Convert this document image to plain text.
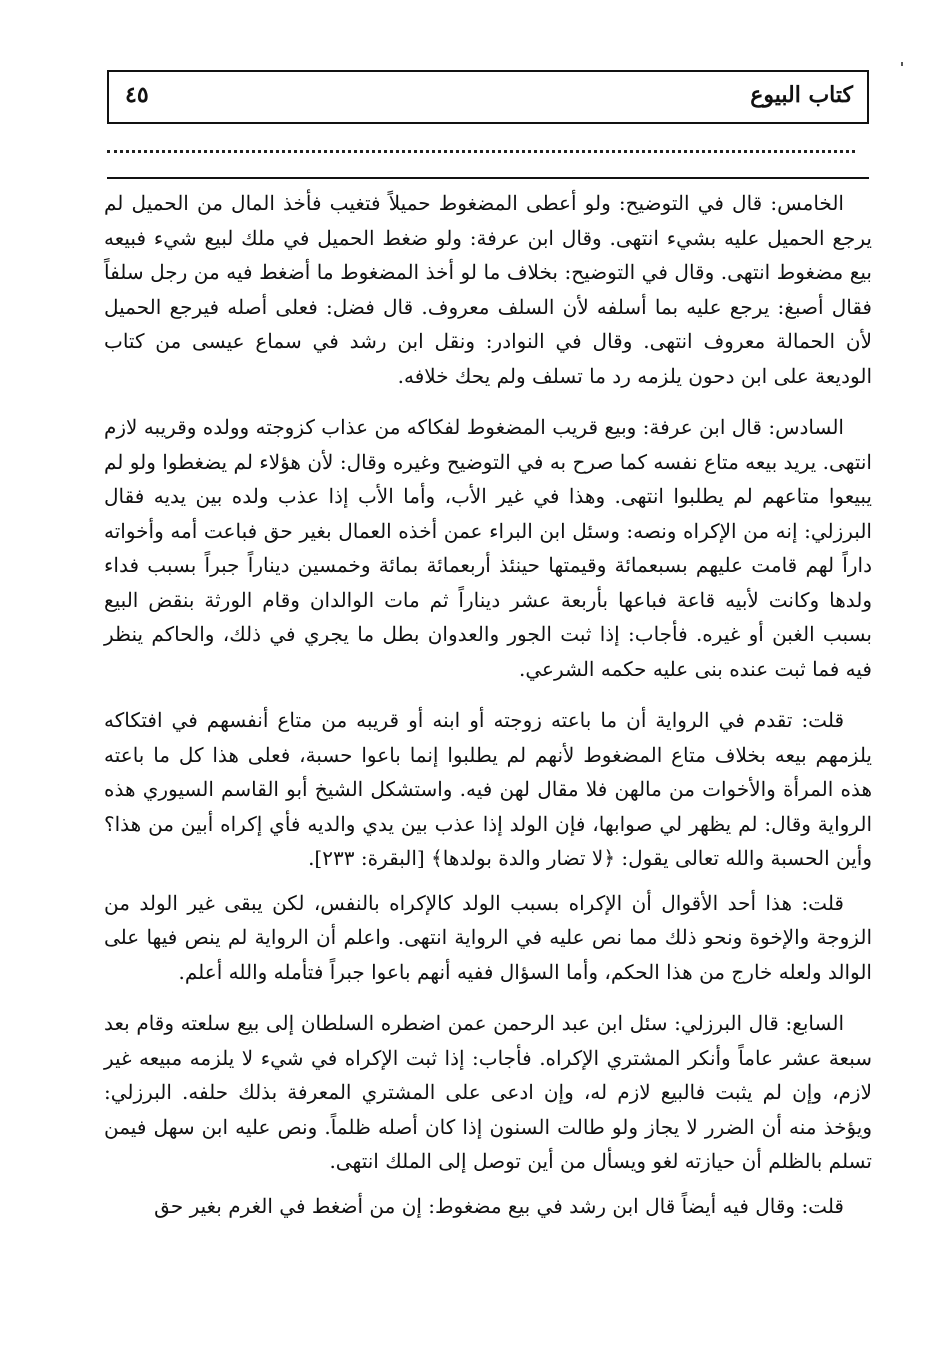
كتاب البيوع
٤٥

الخامس: قال في التوضيح: ولو أعطى المضغوط حميلاً فتغيب فأخذ المال من الحميل لم يرجع الحميل عليه بشيء انتهى. وقال ابن عرفة: ولو ضغط الحميل في ملك لبيع شيء فبيعه بيع مضغوط انتهى. وقال في التوضيح: بخلاف ما لو أخذ المضغوط ما أضغط فيه من رجل سلفاً فقال أصبغ: يرجع عليه بما أسلفه لأن السلف معروف. قال فضل: فعلى أصله فيرجع الحميل لأن الحمالة معروف انتهى. وقال في النوادر: ونقل ابن رشد في سماع عيسى من كتاب الوديعة على ابن دحون يلزمه رد ما تسلف ولم يحك خلافه.

السادس: قال ابن عرفة: وبيع قريب المضغوط لفكاكه من عذاب كزوجته وولده وقريبه لازم انتهى. يريد بيعه متاع نفسه كما صرح به في التوضيح وغيره وقال: لأن هؤلاء لم يضغطوا ولو لم يبيعوا متاعهم لم يطلبوا انتهى. وهذا في غير الأب، وأما الأب إذا عذب ولده بين يديه فقال البرزلي: إنه من الإكراه ونصه: وسئل ابن البراء عمن أخذه العمال بغير حق فباعت أمه وأخواته داراً لهم قامت عليهم بسبعمائة وقيمتها حينئذ أربعمائة بمائة وخمسين ديناراً جبراً بسبب فداء ولدها وكانت لأبيه قاعة فباعها بأربعة عشر ديناراً ثم مات الوالدان وقام الورثة بنقض البيع بسبب الغبن أو غيره. فأجاب: إذا ثبت الجور والعدوان بطل ما يجري في ذلك، والحاكم ينظر فيه فما ثبت عنده بنى عليه حكمه الشرعي.

قلت: تقدم في الرواية أن ما باعته زوجته أو ابنه أو قريبه من متاع أنفسهم في افتكاكه يلزمهم بيعه بخلاف متاع المضغوط لأنهم لم يطلبوا إنما باعوا حسبة، فعلى هذا كل ما باعته هذه المرأة والأخوات من مالهن فلا مقال لهن فيه. واستشكل الشيخ أبو القاسم السيوري هذه الرواية وقال: لم يظهر لي صوابها، فإن الولد إذا عذب بين يدي والديه فأي إكراه أبين من هذا؟ وأين الحسبة والله تعالى يقول: ﴿لا تضار والدة بولدها﴾ [البقرة: ٢٣٣].

قلت: هذا أحد الأقوال أن الإكراه بسبب الولد كالإكراه بالنفس، لكن يبقى غير الولد من الزوجة والإخوة ونحو ذلك مما نص عليه في الرواية انتهى. واعلم أن الرواية لم ينص فيها على الوالد ولعله خارج من هذا الحكم، وأما السؤال ففيه أنهم باعوا جبراً فتأمله والله أعلم.

السابع: قال البرزلي: سئل ابن عبد الرحمن عمن اضطره السلطان إلى بيع سلعته وقام بعد سبعة عشر عاماً وأنكر المشتري الإكراه. فأجاب: إذا ثبت الإكراه في شيء لا يلزمه مبيعه غير لازم، وإن لم يثبت فالبيع لازم له، وإن ادعى على المشتري المعرفة بذلك حلفه. البرزلي: ويؤخذ منه أن الضرر لا يجاز ولو طالت السنون إذا كان أصله ظلماً. ونص عليه ابن سهل فيمن تسلم بالظلم أن حيازته لغو ويسأل من أين توصل إلى الملك انتهى.

قلت: وقال فيه أيضاً قال ابن رشد في بيع مضغوط: إن من أضغط في الغرم بغير حق
